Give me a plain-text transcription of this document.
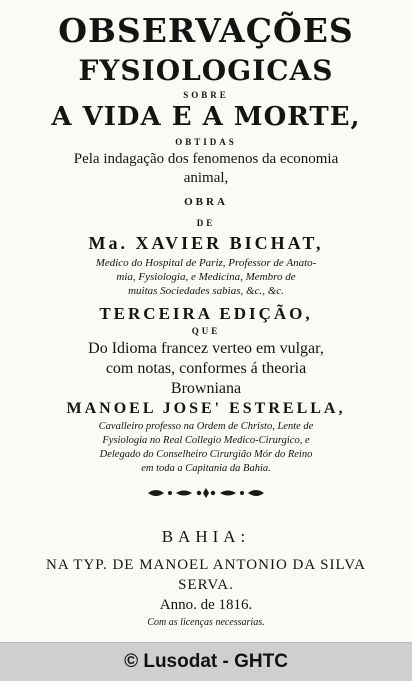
OBSERVAÇÕES
FYSIOLOGICAS
SOBRE
A VIDA E A MORTE,
OBTIDAS
Pela indagação dos fenomenos da economia
animal,
OBRA
DE
Ma. XAVIER BICHAT,
Medico do Hospital de Pariz, Professor de Anato-
mia, Fysiologia, e Medicina, Membro de
muitas Sociedades sabias, &c., &c.
TERCEIRA EDIÇÃO,
QUE
Do Idioma francez verteo em vulgar,
com notas, conformes á theoria
Browniana
MANOEL JOSE' ESTRELLA,
Cavalleiro professo na Ordem de Christo, Lente de
Fysiologia no Real Collegio Medico-Cirurgico, e
Delegado do Conselheiro Cirurgião Mór do Reino
em toda a Capitania da Bahia.
BAHIA:
NA TYP. DE MANOEL ANTONIO DA SILVA
SERVA.
Anno. de 1816.
Com as licenças necessarias.
© Lusodat - GHTC
